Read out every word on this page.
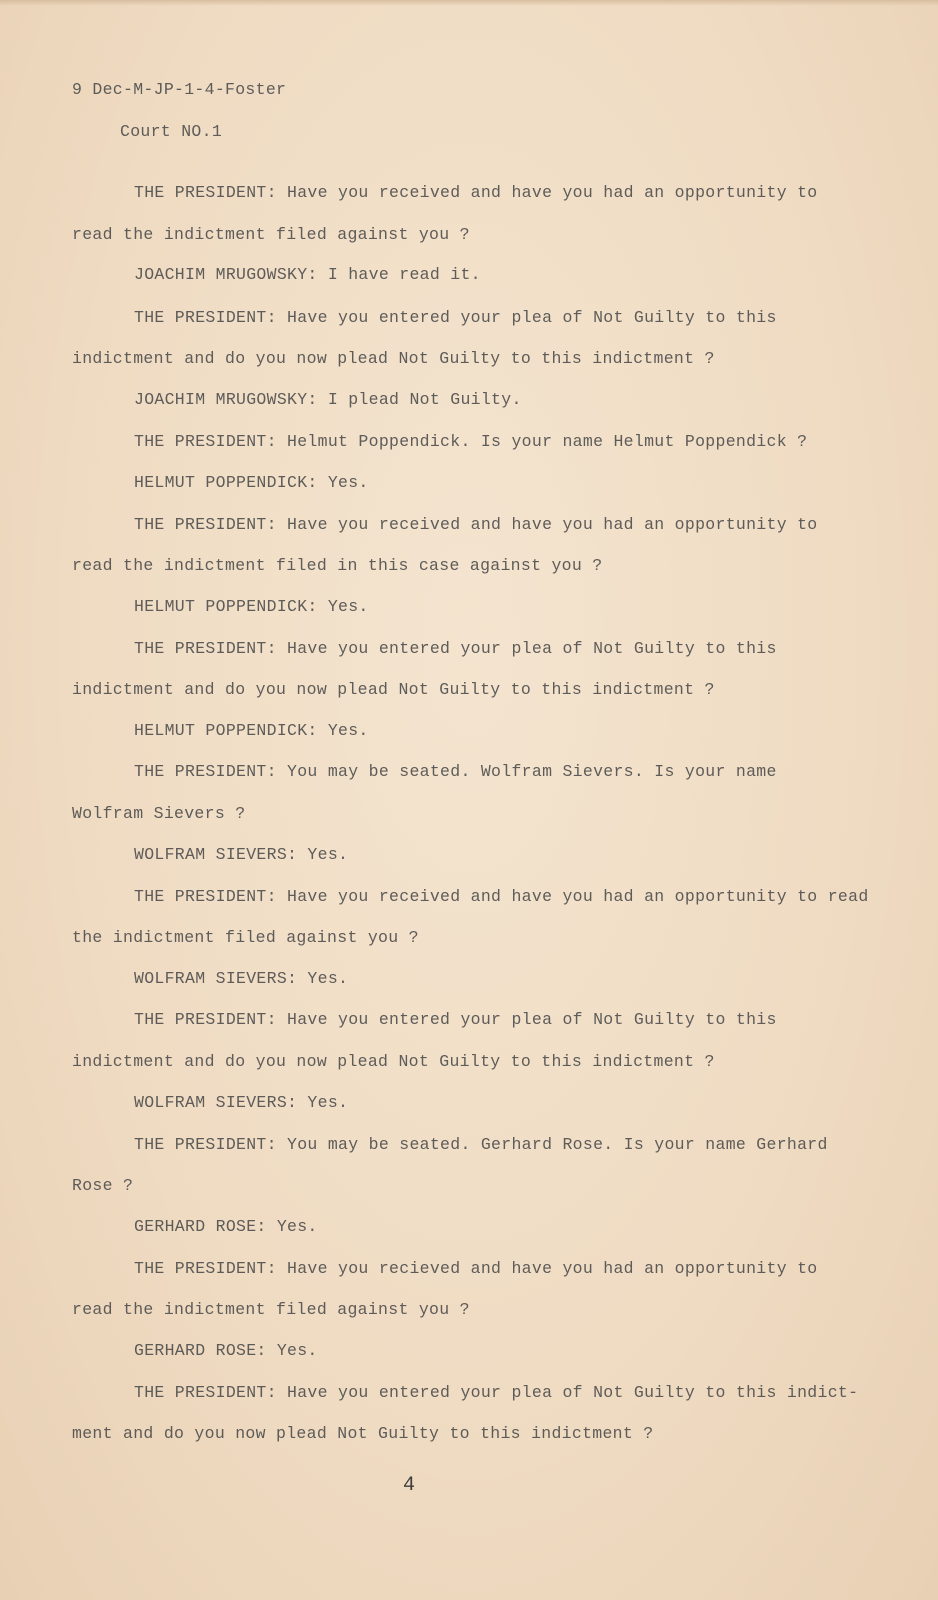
9 Dec-M-JP-1-4-Foster
Court NO.1
THE PRESIDENT: Have you received and have you had an opportunity to
read the indictment filed against you ?
JOACHIM MRUGOWSKY: I have read it.
THE PRESIDENT: Have you entered your plea of Not Guilty to this
indictment and do you now plead Not Guilty to this indictment ?
JOACHIM MRUGOWSKY: I plead Not Guilty.
THE PRESIDENT: Helmut Poppendick. Is your name Helmut Poppendick ?
HELMUT POPPENDICK: Yes.
THE PRESIDENT: Have you received and have you had an opportunity to
read the indictment filed in this case against you ?
HELMUT POPPENDICK: Yes.
THE PRESIDENT: Have you entered your plea of Not Guilty to this
indictment and do you now plead Not Guilty to this indictment ?
HELMUT POPPENDICK: Yes.
THE PRESIDENT: You may be seated. Wolfram Sievers. Is your name
Wolfram Sievers ?
WOLFRAM SIEVERS: Yes.
THE PRESIDENT: Have you received and have you had an opportunity to read
the indictment filed against you ?
WOLFRAM SIEVERS: Yes.
THE PRESIDENT: Have you entered your plea of Not Guilty to this
indictment and do you now plead Not Guilty to this indictment ?
WOLFRAM SIEVERS: Yes.
THE PRESIDENT: You may be seated. Gerhard Rose. Is your name Gerhard
Rose ?
GERHARD ROSE: Yes.
THE PRESIDENT: Have you recieved and have you had an opportunity to
read the indictment filed against you ?
GERHARD ROSE: Yes.
THE PRESIDENT: Have you entered your plea of Not Guilty to this indict-
ment and do you now plead Not Guilty to this indictment ?
4
